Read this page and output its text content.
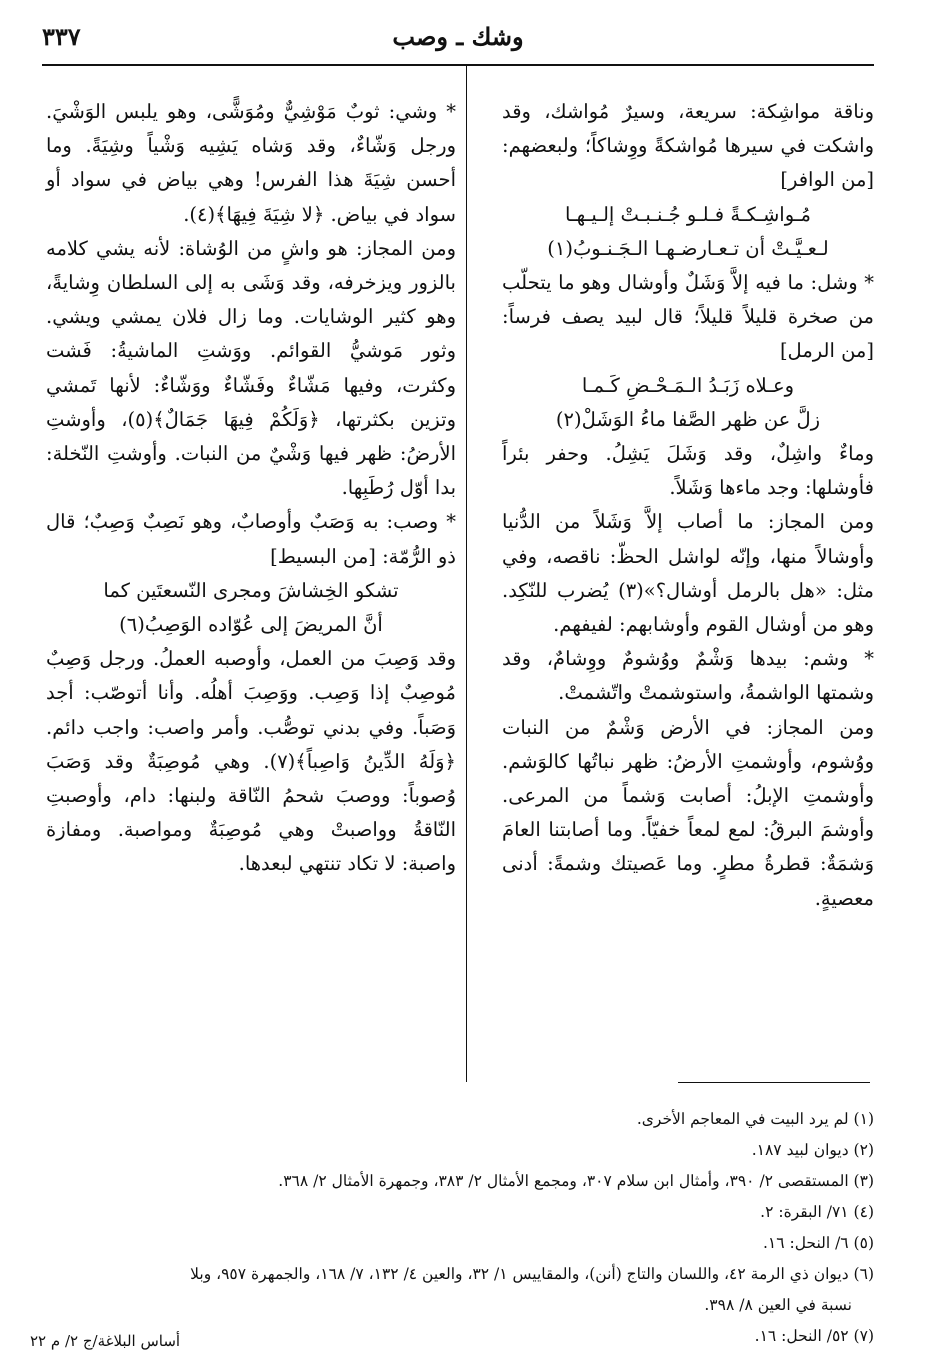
٣٣٧	وشك ـ وصب

وناقة مواشِكة: سريعة، وسيرٌ مُواشك، وقد واشكت في سيرها مُواشكةً ووِشاكاً؛ ولبعضهم: [من الوافر]

مُـواشِـكـةً فـلـو جُـنـبـتْ إلـيـهـا

لـعـيَّـتْ أن تـعـارضـهـا الـجَـنـوبُ(١)

* وشل: ما فيه إلاَّ وَشَلٌ وأوشال وهو ما يتحلّب من صخرة قليلاً قليلاً؛ قال لبيد يصف فرساً: [من الرمل]

وعـلاه زَبَـدُ الـمَـحْـضِ كَـمـا

زلَّ عن ظهر الصَّفا ماءُ الوَشَلْ(٢)

وماءٌ واشِلٌ، وقد وَشَلَ يَشِلُ. وحفر بئراً فأوشلها: وجد ماءها وَشَلاً.

ومن المجاز: ما أصاب إلاَّ وَشَلاً من الدُّنيا وأوشالاً منها، وإنّه لواشل الحظّ: ناقصه، وفي مثل: «هل بالرمل أوشال؟»(٣) يُضرب للنّكِد. وهو من أوشال القوم وأوشابهم: لفيفهم.

* وشم: بيدها وَشْمٌ ووُشومٌ ووِشامٌ، وقد وشمتها الواشمةُ، واستوشمتْ واتّشمتْ.

ومن المجاز: في الأرض وَشْمٌ من النبات ووُشوم، وأوشمتِ الأرضُ: ظهر نباتُها كالوَشم. وأوشمتِ الإبلُ: أصابت وَشماً من المرعى. وأوشمَ البرقُ: لمع لمعاً خفيّاً. وما أصابتنا العامَ وَشمَةٌ: قطرةُ مطرٍ. وما عَصيتك وشمةً: أدنى معصيةٍ.

* وشي: ثوبٌ مَوْشِيٌّ ومُوَشًّى، وهو يلبس الوَشْيَ. ورجل وَشّاءٌ، وقد وَشاه يَشِيه وَشْياً وشِيَةً. وما أحسن شِيَةَ هذا الفرس! وهي بياض في سواد أو سواد في بياض. ﴿لا شِيَةَ فِيهَا﴾(٤).

ومن المجاز: هو واشٍ من الوُشاة: لأنه يشي كلامه بالزور ويزخرفه، وقد وَشَى به إلى السلطان وِشايةً، وهو كثير الوشايات. وما زال فلان يمشي ويشي. وثور مَوشيُّ القوائم. ووَشتِ الماشيةُ: فَشت وكثرت، وفيها مَشّاءٌ وفَشّاءٌ ووَشّاءٌ: لأنها تَمشي وتزين بكثرتها، ﴿وَلَكُمْ فِيهَا جَمَالٌ﴾(٥)، وأوشتِ الأرضُ: ظهر فيها وَشْيٌ من النبات. وأوشتِ النّخلة: بدا أوّل رُطَبِها.

* وصب: به وَصَبٌ وأوصابٌ، وهو نَصِبٌ وَصِبٌ؛ قال ذو الرُّمّة: [من البسيط]

تشكو الخِشاشَ ومجرى النّسعتَين كما

أنَّ المريضَ إلى عُوّاده الوَصِبُ(٦)

وقد وَصِبَ من العمل، وأوصبه العملُ. ورجل وَصِبٌ مُوصِبٌ إذا وَصِب. ووَصِبَ أهلُه. وأنا أتوصّب: أجد وَصَباً. وفي بدني توصُّب. وأمر واصب: واجب دائم. ﴿وَلَهُ الدِّينُ وَاصِباً﴾(٧). وهي مُوصِبَةٌ وقد وَصَبَ وُصوباً: ووصبَ شحمُ النّاقة ولبنها: دام، وأوصبتِ النّاقةُ وواصبتْ وهي مُوصِبَةٌ ومواصبة. ومفازة واصبة: لا تكاد تنتهي لبعدها.

(١) لم يرد البيت في المعاجم الأخرى.

(٢) ديوان لبيد ١٨٧.

(٣) المستقصى ٢/ ٣٩٠، وأمثال ابن سلام ٣٠٧، ومجمع الأمثال ٢/ ٣٨٣، وجمهرة الأمثال ٢/ ٣٦٨.

(٤) ٧١/ البقرة: ٢.

(٥) ٦/ النحل: ١٦.

(٦) ديوان ذي الرمة ٤٢، واللسان والتاج (أنن)، والمقاييس ١/ ٣٢، والعين ٤/ ١٣٢، ٧/ ١٦٨، والجمهرة ٩٥٧، وبلا

نسبة في العين ٨/ ٣٩٨.

(٧) ٥٢/ النحل: ١٦.

أساس البلاغة/ج ٢/ م ٢٢
